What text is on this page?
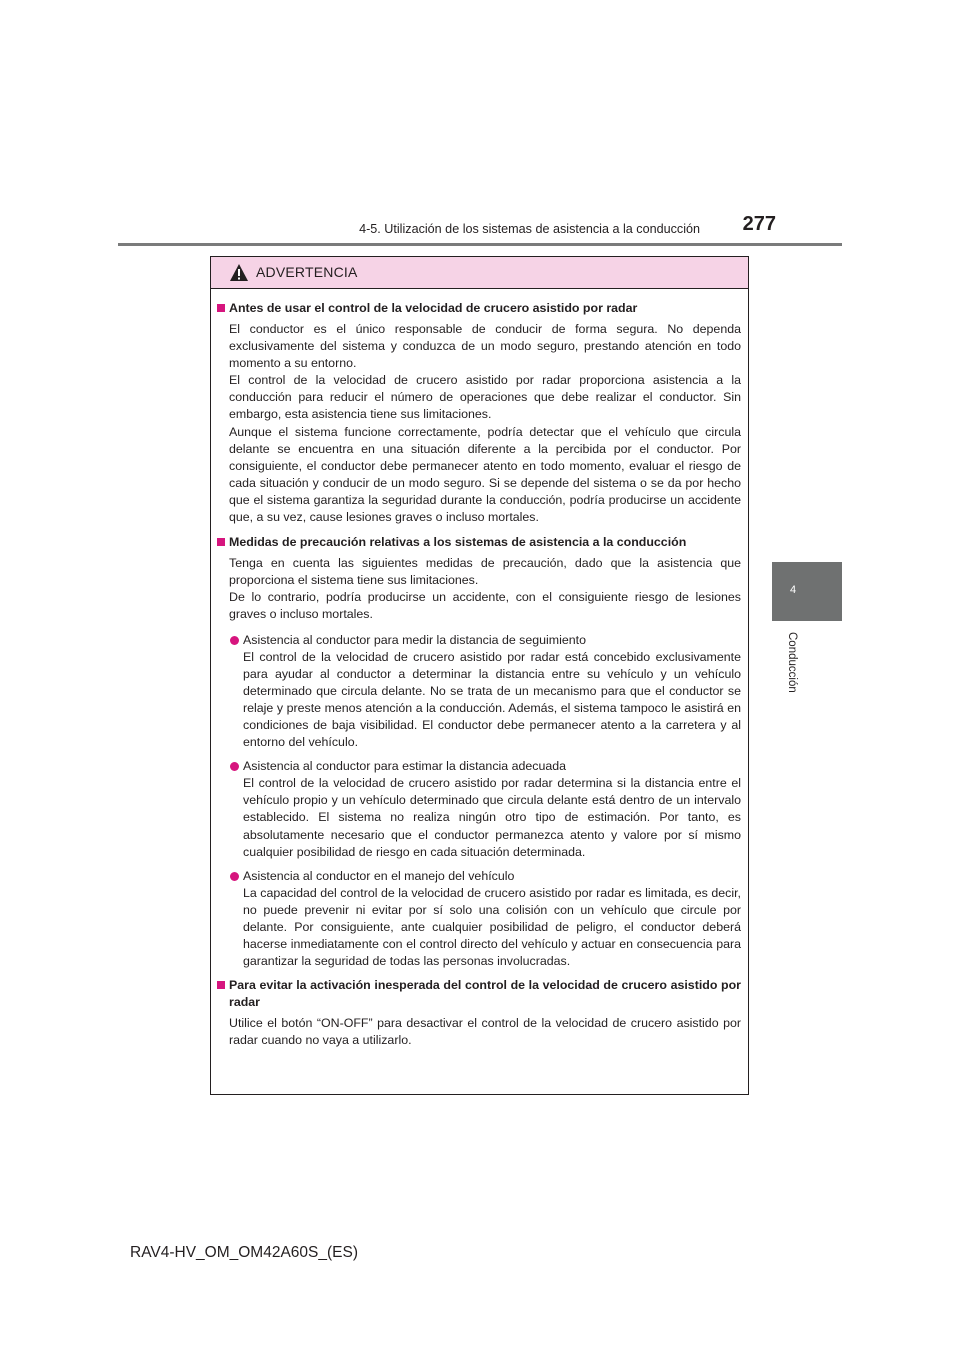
4-5. Utilización de los sistemas de asistencia a la conducción	277
4
Conducción
ADVERTENCIA
Antes de usar el control de la velocidad de crucero asistido por radar

El conductor es el único responsable de conducir de forma segura. No dependa exclusivamente del sistema y conduzca de un modo seguro, prestando atención en todo momento a su entorno.

El control de la velocidad de crucero asistido por radar proporciona asistencia a la conducción para reducir el número de operaciones que debe realizar el conductor. Sin embargo, esta asistencia tiene sus limitaciones.

Aunque el sistema funcione correctamente, podría detectar que el vehículo que circula delante se encuentra en una situación diferente a la percibida por el conductor. Por consiguiente, el conductor debe permanecer atento en todo momento, evaluar el riesgo de cada situación y conducir de un modo seguro. Si se depende del sistema o se da por hecho que el sistema garantiza la seguridad durante la conducción, podría producirse un accidente que, a su vez, cause lesiones graves o incluso mortales.

Medidas de precaución relativas a los sistemas de asistencia a la conducción

Tenga en cuenta las siguientes medidas de precaución, dado que la asistencia que proporciona el sistema tiene sus limitaciones.

De lo contrario, podría producirse un accidente, con el consiguiente riesgo de lesiones graves o incluso mortales.

Asistencia al conductor para medir la distancia de seguimiento
El control de la velocidad de crucero asistido por radar está concebido exclusivamente para ayudar al conductor a determinar la distancia entre su vehículo y un vehículo determinado que circula delante. No se trata de un mecanismo para que el conductor se relaje y preste menos atención a la conducción. Además, el sistema tampoco le asistirá en condiciones de baja visibilidad. El conductor debe permanecer atento a la carretera y al entorno del vehículo.
Asistencia al conductor para estimar la distancia adecuada
El control de la velocidad de crucero asistido por radar determina si la distancia entre el vehículo propio y un vehículo determinado que circula delante está dentro de un intervalo establecido. El sistema no realiza ningún otro tipo de estimación. Por tanto, es absolutamente necesario que el conductor permanezca atento y valore por sí mismo cualquier posibilidad de riesgo en cada situación determinada.
Asistencia al conductor en el manejo del vehículo
La capacidad del control de la velocidad de crucero asistido por radar es limitada, es decir, no puede prevenir ni evitar por sí solo una colisión con un vehículo que circule por delante. Por consiguiente, ante cualquier posibilidad de peligro, el conductor deberá hacerse inmediatamente con el control directo del vehículo y actuar en consecuencia para garantizar la seguridad de todas las personas involucradas.
Para evitar la activación inesperada del control de la velocidad de crucero asistido por radar

Utilice el botón “ON-OFF” para desactivar el control de la velocidad de crucero asistido por radar cuando no vaya a utilizarlo.

RAV4-HV_OM_OM42A60S_(ES)
